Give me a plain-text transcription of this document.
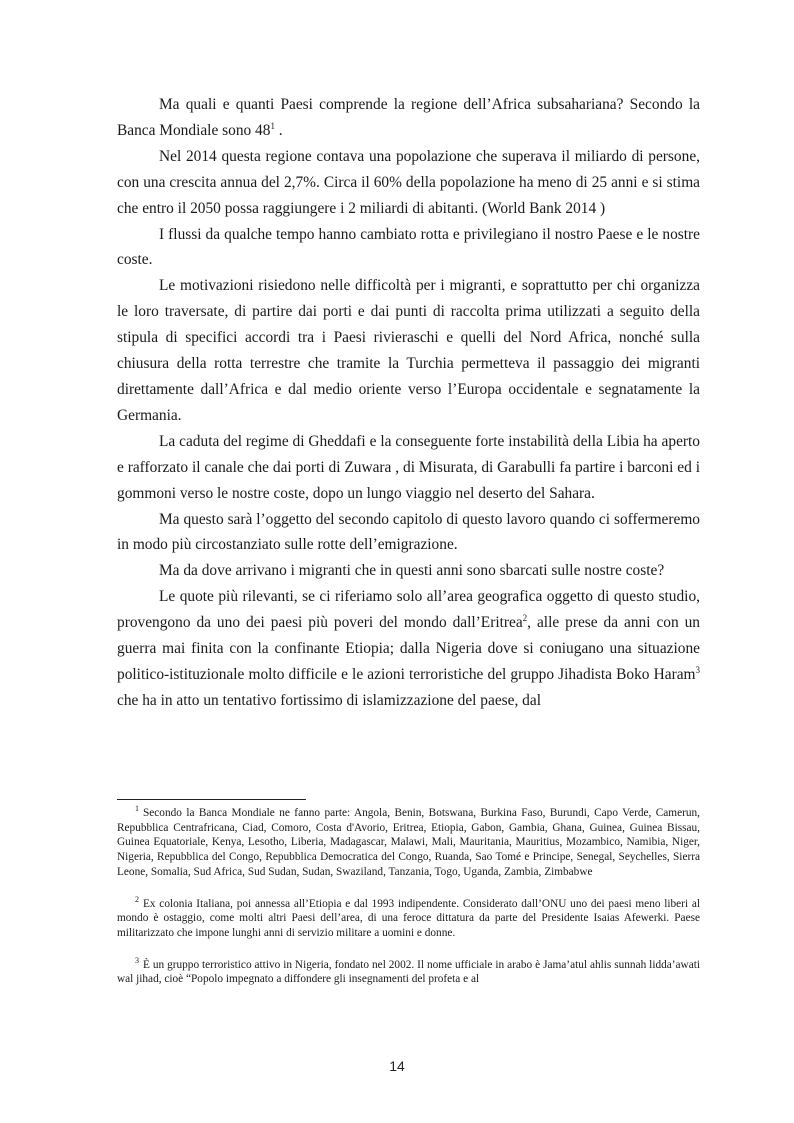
Ma quali e quanti Paesi comprende la regione dell’Africa subsahariana? Secondo la Banca Mondiale sono $48^1$ .

Nel 2014 questa regione contava una popolazione che superava il miliardo di persone, con una crescita annua del 2,7%. Circa il 60% della popolazione ha meno di 25 anni e si stima che entro il 2050 possa raggiungere i 2 miliardi di abitanti. (World Bank 2014 )

I flussi da qualche tempo hanno cambiato rotta e privilegiano il nostro Paese e le nostre coste.

Le motivazioni risiedono nelle difficoltà per i migranti, e soprattutto per chi organizza le loro traversate, di partire dai porti e dai punti di raccolta prima utilizzati a seguito della stipula di specifici accordi tra i Paesi rivieraschi e quelli del Nord Africa, nonché sulla chiusura della rotta terrestre che tramite la Turchia permetteva il passaggio dei migranti direttamente dall’Africa e dal medio oriente verso l’Europa occidentale e segnatamente la Germania.

La caduta del regime di Gheddafi e la conseguente forte instabilità della Libia ha aperto e rafforzato il canale che dai porti di Zuwara , di Misurata, di Garabulli fa partire i barconi ed i gommoni verso le nostre coste, dopo un lungo viaggio nel deserto del Sahara.

Ma questo sarà l’oggetto del secondo capitolo di questo lavoro quando ci soffermeremo in modo più circostanziato sulle rotte dell’emigrazione.

Ma da dove arrivano i migranti che in questi anni sono sbarcati sulle nostre coste?

Le quote più rilevanti, se ci riferiamo solo all’area geografica oggetto di questo studio, provengono da uno dei paesi più poveri del mondo dall’Eritrea$^2$, alle prese da anni con un guerra mai finita con la confinante Etiopia; dalla Nigeria dove si coniugano una situazione politico-istituzionale molto difficile e le azioni terroristiche del gruppo Jihadista Boko Haram$^3$ che ha in atto un tentativo fortissimo di islamizzazione del paese, dal

$^1$ Secondo la Banca Mondiale ne fanno parte: Angola, Benin, Botswana, Burkina Faso, Burundi, Capo Verde, Camerun, Repubblica Centrafricana, Ciad, Comoro, Costa d'Avorio, Eritrea, Etiopia, Gabon, Gambia, Ghana, Guinea, Guinea Bissau, Guinea Equatoriale, Kenya, Lesotho, Liberia, Madagascar, Malawi, Mali, Mauritania, Mauritius, Mozambico, Namibia, Niger, Nigeria, Repubblica del Congo, Repubblica Democratica del Congo, Ruanda, Sao Tomé e Principe, Senegal, Seychelles, Sierra Leone, Somalia, Sud Africa, Sud Sudan, Sudan, Swaziland, Tanzania, Togo, Uganda, Zambia, Zimbabwe

$^2$ Ex colonia Italiana, poi annessa all’Etiopia e dal 1993 indipendente. Considerato dall’ONU uno dei paesi meno liberi al mondo è ostaggio, come molti altri Paesi dell’area, di una feroce dittatura da parte del Presidente Isaias Afewerki. Paese militarizzato che impone lunghi anni di servizio militare a uomini e donne.

$^3$ È un gruppo terroristico attivo in Nigeria, fondato nel 2002. Il nome ufficiale in arabo è Jama’atul ahlis sunnah lidda’awati wal jihad, cioè “Popolo impegnato a diffondere gli insegnamenti del profeta e al

14
